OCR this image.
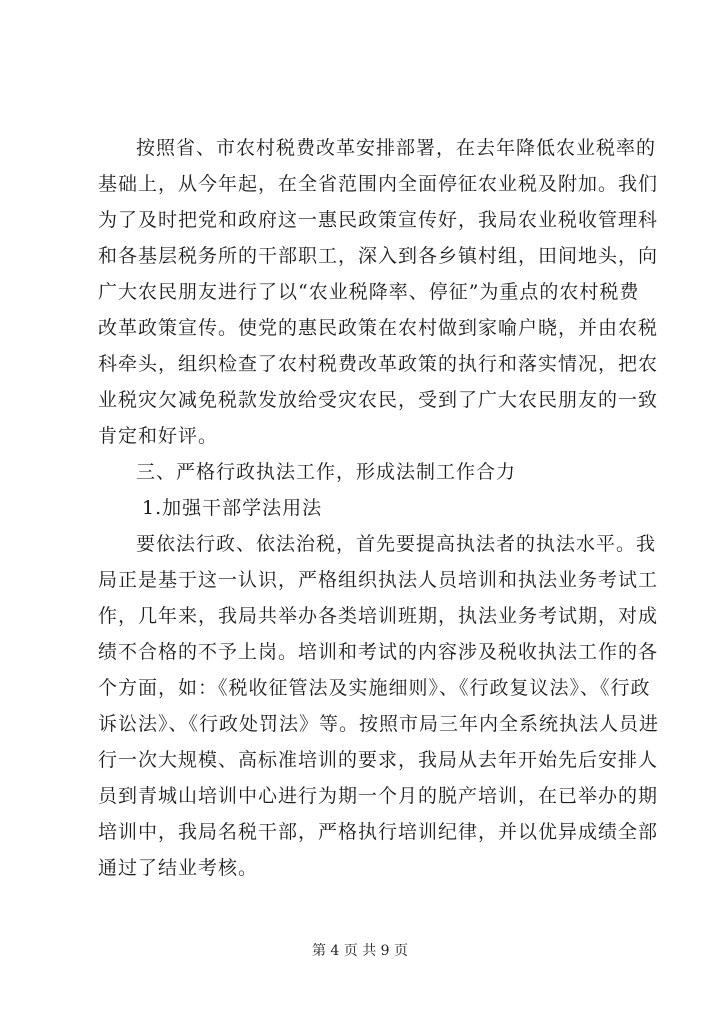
按照省、市农村税费改革安排部署，在去年降低农业税率的
基础上，从今年起，在全省范围内全面停征农业税及附加。我们
为了及时把党和政府这一惠民政策宣传好，我局农业税收管理科
和各基层税务所的干部职工，深入到各乡镇村组，田间地头，向
广大农民朋友进行了以“农业税降率、停征”为重点的农村税费
改革政策宣传。使党的惠民政策在农村做到家喻户晓，并由农税
科牵头，组织检查了农村税费改革政策的执行和落实情况，把农
业税灾欠减免税款发放给受灾农民，受到了广大农民朋友的一致
肯定和好评。
三、严格行政执法工作，形成法制工作合力
1.加强干部学法用法
要依法行政、依法治税，首先要提高执法者的执法水平。我
局正是基于这一认识，严格组织执法人员培训和执法业务考试工
作，几年来，我局共举办各类培训班期，执法业务考试期，对成
绩不合格的不予上岗。培训和考试的内容涉及税收执法工作的各
个方面，如：《税收征管法及实施细则》、《行政复议法》、《行政
诉讼法》、《行政处罚法》等。按照市局三年内全系统执法人员进
行一次大规模、高标准培训的要求，我局从去年开始先后安排人
员到青城山培训中心进行为期一个月的脱产培训，在已举办的期
培训中，我局名税干部，严格执行培训纪律，并以优异成绩全部
通过了结业考核。
第 4 页 共 9 页
